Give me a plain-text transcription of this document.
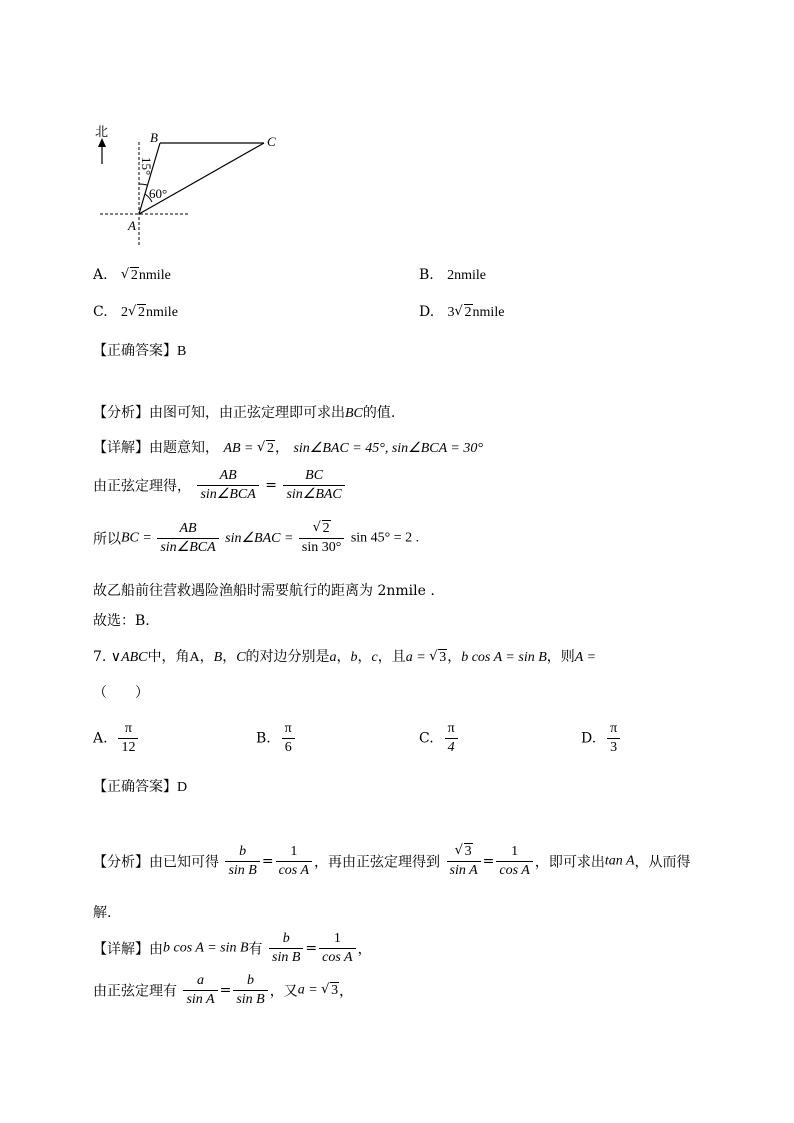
北	B	C
A
15°
60°
A. √ 2nmile	B. 2nmile
C. 2 √ 2nmile	D. 3 √ 2nmile
【正确答案】B
【分析】由图可知，由正弦定理即可求出BC的值.
【详解】由题意知， AB = √ 2， sin∠BAC = 45°, sin∠BCA = 30°
由正弦定理得， $\frac{AB}{\text{sin∠BCA}} = \frac{BC}{\text{sin∠BAC}}$
所以BC = $\frac{AB}{\text{sin∠BCA}}$ sin∠BAC = √ $\frac{2}{\sin 30^\circ}$ sin 45° = 2 .
故乙船前往营救遇险渔船时需要航行的距离为 2nmile .
故选：B.
7. ∨ABC中，角A，B，C的对边分别是a，b，c，且a = √ 3，b cos A = sin B，则A =
（　　）
A. $\frac{\pi}{12}$	B. $\frac{\pi}{6}$	C. $\frac{\pi}{4}$	D. $\frac{\pi}{3}$
【正确答案】D
【分析】由已知可得 $\frac{b}{\text{sin B}} = \frac{1}{\text{cos A}}$ ，再由正弦定理得到 √ $\frac{3}{\text{sin A}} = \frac{1}{\text{cos A}}$ ，即可求出tan A，从而得
解.
【详解】由b cos A = sin B有 $\frac{b}{\text{sin B}} = \frac{1}{\text{cos A}}$ ，
由正弦定理有 $\frac{a}{\text{sin A}} = \frac{b}{\text{sin B}}$ ，又a = √ 3，
